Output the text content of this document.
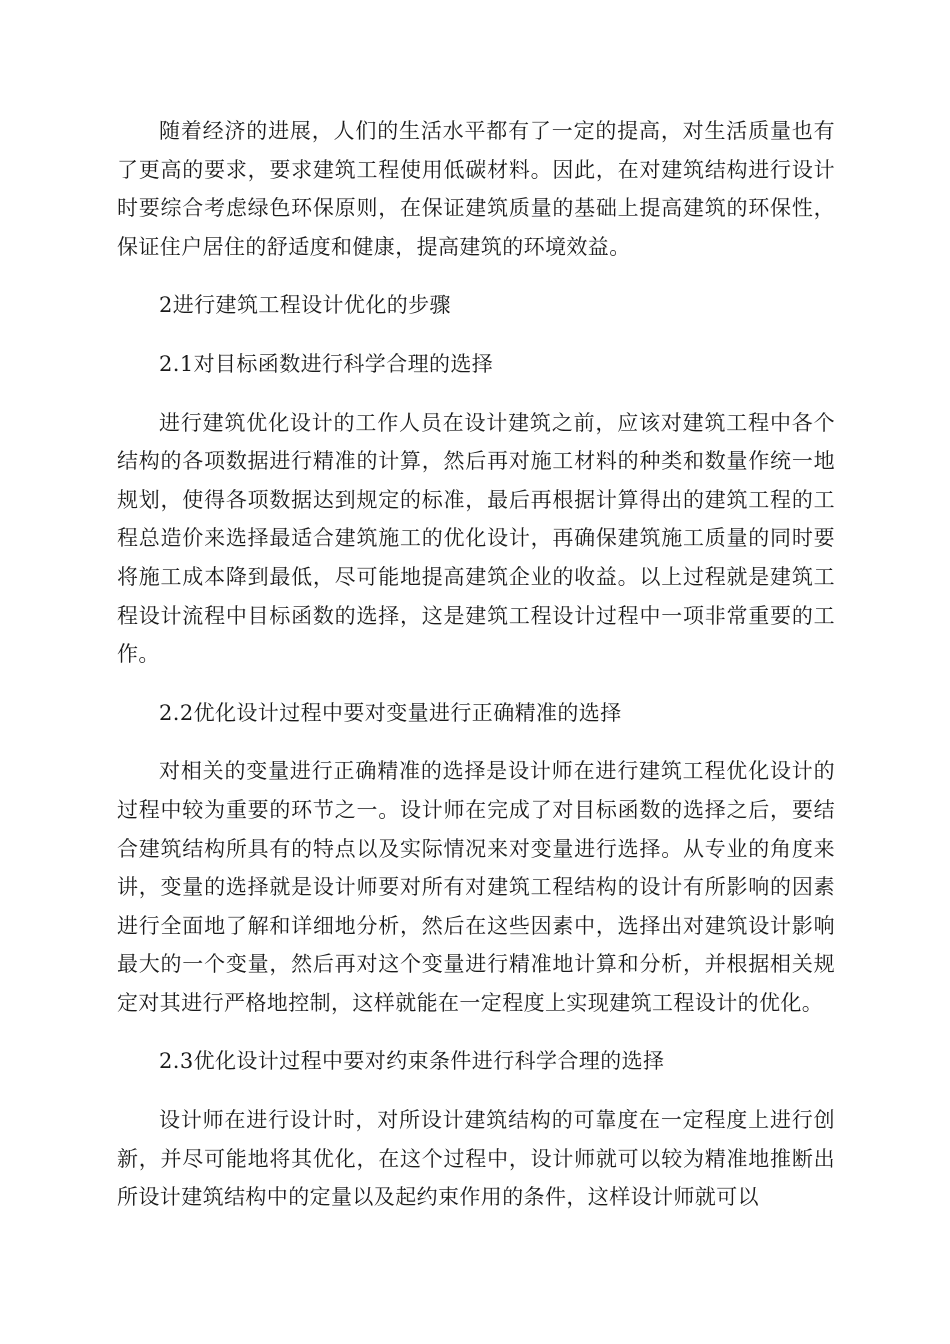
随着经济的进展，人们的生活水平都有了一定的提高，对生活质量也有了更高的要求，要求建筑工程使用低碳材料。因此，在对建筑结构进行设计时要综合考虑绿色环保原则，在保证建筑质量的基础上提高建筑的环保性，保证住户居住的舒适度和健康，提高建筑的环境效益。

2进行建筑工程设计优化的步骤

2.1对目标函数进行科学合理的选择

进行建筑优化设计的工作人员在设计建筑之前，应该对建筑工程中各个结构的各项数据进行精准的计算，然后再对施工材料的种类和数量作统一地规划，使得各项数据达到规定的标准，最后再根据计算得出的建筑工程的工程总造价来选择最适合建筑施工的优化设计，再确保建筑施工质量的同时要将施工成本降到最低，尽可能地提高建筑企业的收益。以上过程就是建筑工程设计流程中目标函数的选择，这是建筑工程设计过程中一项非常重要的工作。

2.2优化设计过程中要对变量进行正确精准的选择

对相关的变量进行正确精准的选择是设计师在进行建筑工程优化设计的过程中较为重要的环节之一。设计师在完成了对目标函数的选择之后，要结合建筑结构所具有的特点以及实际情况来对变量进行选择。从专业的角度来讲，变量的选择就是设计师要对所有对建筑工程结构的设计有所影响的因素进行全面地了解和详细地分析，然后在这些因素中，选择出对建筑设计影响最大的一个变量，然后再对这个变量进行精准地计算和分析，并根据相关规定对其进行严格地控制，这样就能在一定程度上实现建筑工程设计的优化。

2.3优化设计过程中要对约束条件进行科学合理的选择

设计师在进行设计时，对所设计建筑结构的可靠度在一定程度上进行创新，并尽可能地将其优化，在这个过程中，设计师就可以较为精准地推断出所设计建筑结构中的定量以及起约束作用的条件，这样设计师就可以
